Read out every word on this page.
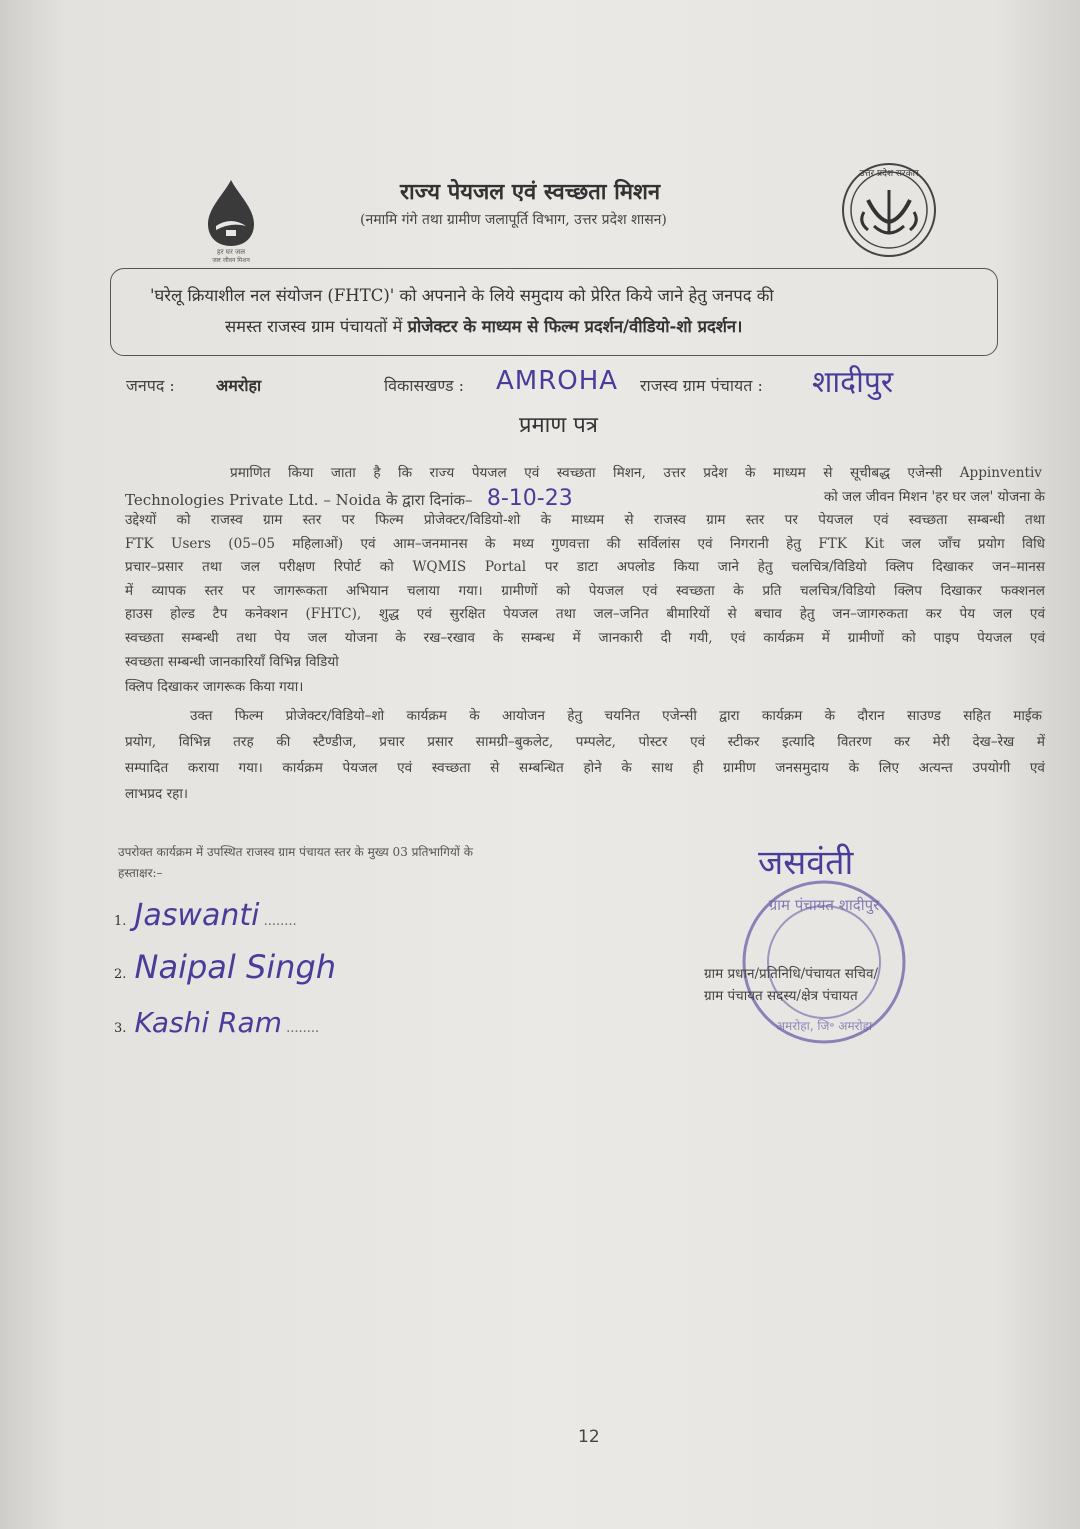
हर घर जल
जल जीवन मिशन
राज्य पेयजल एवं स्वच्छता मिशन
(नमामि गंगे तथा ग्रामीण जलापूर्ति विभाग, उत्तर प्रदेश शासन)
उत्तर प्रदेश सरकार
'घरेलू क्रियाशील नल संयोजन (FHTC)' को अपनाने के लिये समुदाय को प्रेरित किये जाने हेतु जनपद की
समस्त राजस्व ग्राम पंचायतों में प्रोजेक्टर के माध्यम से फिल्म प्रदर्शन/वीडियो-शो प्रदर्शन।
जनपद :	अमरोहा	विकासखण्ड : AMROHA राजस्व ग्राम पंचायत : शादीपुर
प्रमाण पत्र
प्रमाणित किया जाता है कि राज्य पेयजल एवं स्वच्छता मिशन, उत्तर प्रदेश के माध्यम से सूचीबद्ध एजेन्सी Appinventiv
Technologies Private Ltd. – Noida के द्वारा दिनांक– 8-10-23	को जल जीवन मिशन 'हर घर जल' योजना के
उद्देश्यों को राजस्व ग्राम स्तर पर फिल्म प्रोजेक्टर/विडियो-शो के माध्यम से राजस्व ग्राम स्तर पर पेयजल एवं स्वच्छता सम्बन्धी तथा
FTK Users (05–05 महिलाओं) एवं आम–जनमानस के मध्य गुणवत्ता की सर्विलांस एवं निगरानी हेतु FTK Kit जल जाँच प्रयोग विधि
प्रचार–प्रसार तथा जल परीक्षण रिपोर्ट को WQMIS Portal पर डाटा अपलोड किया जाने हेतु चलचित्र/विडियो क्लिप दिखाकर जन–मानस
में व्यापक स्तर पर जागरूकता अभियान चलाया गया। ग्रामीणों को पेयजल एवं स्वच्छता के प्रति चलचित्र/विडियो क्लिप दिखाकर फक्शनल
हाउस होल्ड टैप कनेक्शन (FHTC), शुद्ध एवं सुरक्षित पेयजल तथा जल–जनित बीमारियों से बचाव हेतु जन–जागरुकता कर पेय जल एवं
स्वच्छता सम्बन्धी तथा पेय जल योजना के रख–रखाव के सम्बन्ध में जानकारी दी गयी, एवं कार्यक्रम में ग्रामीणों को पाइप पेयजल एवं
स्वच्छता सम्बन्धी जानकारियाँ विभिन्न विडियो
क्लिप दिखाकर जागरूक किया गया।
उक्त फिल्म प्रोजेक्टर/विडियो–शो कार्यक्रम के आयोजन हेतु चयनित एजेन्सी द्वारा कार्यक्रम के दौरान साउण्ड सहित माईक
प्रयोग, विभिन्न तरह की स्टैण्डीज, प्रचार प्रसार सामग्री–बुकलेट, पम्पलेट, पोस्टर एवं स्टीकर इत्यादि वितरण कर मेरी देख–रेख में
सम्पादित कराया गया। कार्यक्रम पेयजल एवं स्वच्छता से सम्बन्धित होने के साथ ही ग्रामीण जनसमुदाय के लिए अत्यन्त उपयोगी एवं
लाभप्रद रहा।
उपरोक्त कार्यक्रम में उपस्थित राजस्व ग्राम पंचायत स्तर के मुख्य 03 प्रतिभागियों के
हस्ताक्षर:–
1. Jaswanti ........
2. Naipal Singh
3. Kashi Ram ........
ग्राम पंचायत शादीपुर
अमरोहा, जि॰ अमरोहा
जसवंती
ग्राम प्रधान/प्रतिनिधि/पंचायत सचिव/
ग्राम पंचायत सदस्य/क्षेत्र पंचायत
12
